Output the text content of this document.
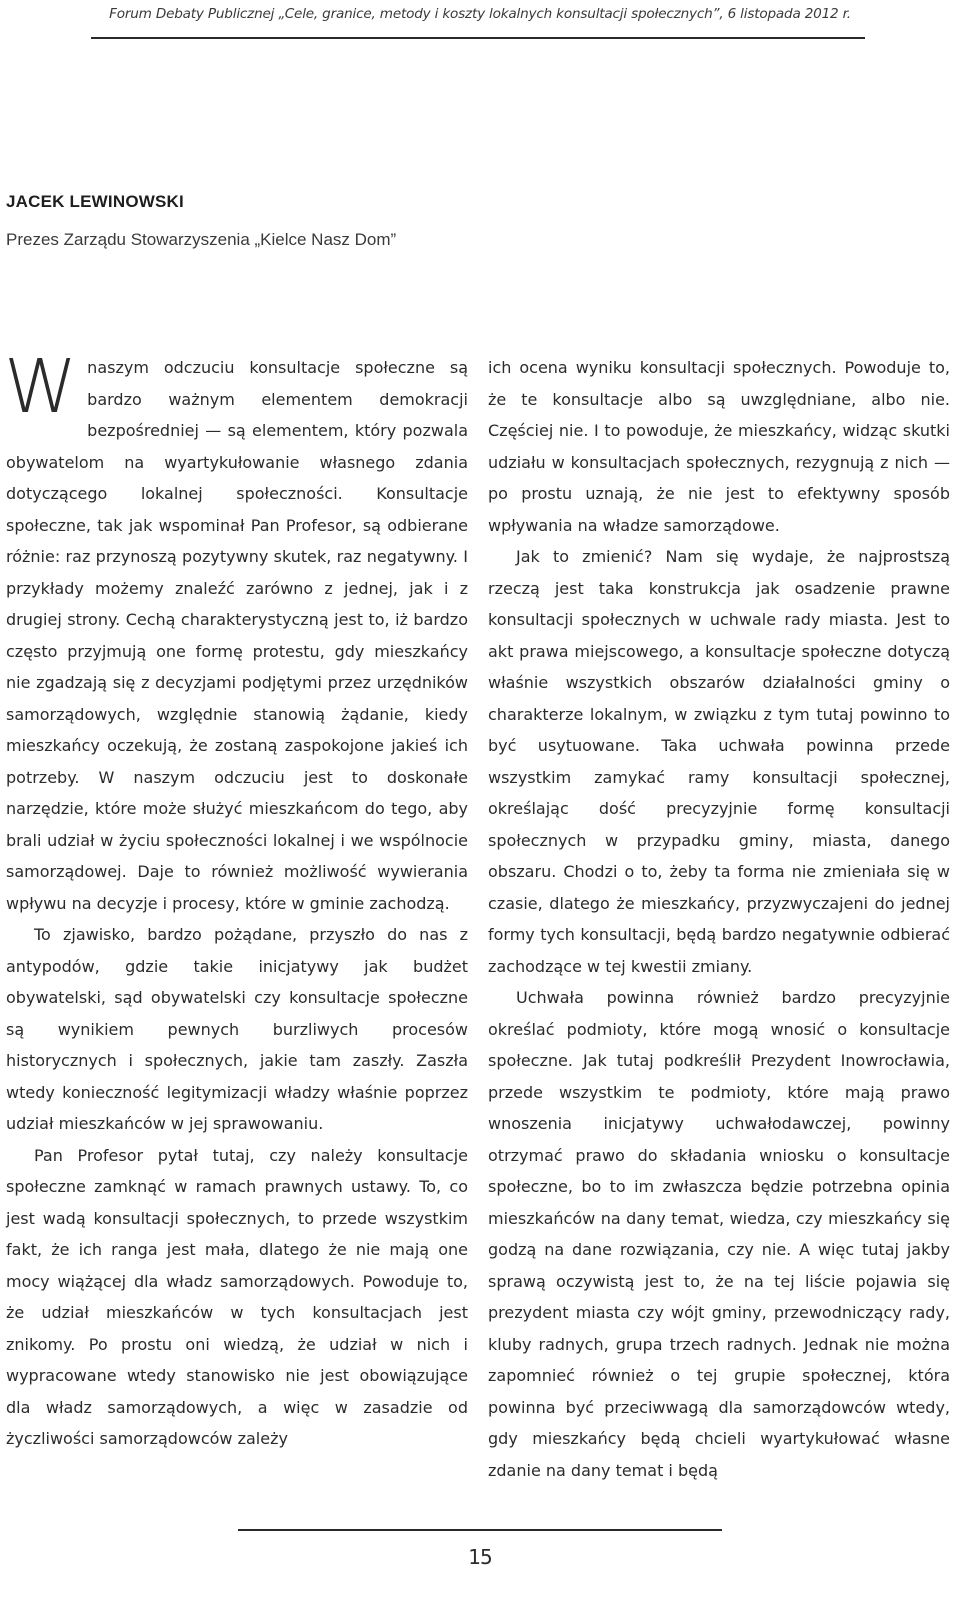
Forum Debaty Publicznej „Cele, granice, metody i koszty lokalnych konsultacji społecznych”, 6 listopada 2012 r.
JACEK LEWINOWSKI
Prezes Zarządu Stowarzyszenia „Kielce Nasz Dom”

W naszym odczuciu konsultacje społeczne są bardzo ważnym elementem demokracji bezpośredniej — są elementem, który pozwala obywatelom na wyartykułowanie własnego zdania dotyczącego lokalnej społeczności. Konsultacje społeczne, tak jak wspominał Pan Profesor, są odbierane różnie: raz przynoszą pozytywny skutek, raz negatywny. I przykłady możemy znaleźć zarówno z jednej, jak i z drugiej strony. Cechą charakterystyczną jest to, iż bardzo często przyjmują one formę protestu, gdy mieszkańcy nie zgadzają się z decyzjami podjętymi przez urzędników samorządowych, względnie stanowią żądanie, kiedy mieszkańcy oczekują, że zostaną zaspokojone jakieś ich potrzeby. W naszym odczuciu jest to doskonałe narzędzie, które może służyć mieszkańcom do tego, aby brali udział w życiu społeczności lokalnej i we wspólnocie samorządowej. Daje to również możliwość wywierania wpływu na decyzje i procesy, które w gminie zachodzą.

To zjawisko, bardzo pożądane, przyszło do nas z antypodów, gdzie takie inicjatywy jak budżet obywatelski, sąd obywatelski czy konsultacje społeczne są wynikiem pewnych burzliwych procesów historycznych i społecznych, jakie tam zaszły. Zaszła wtedy konieczność legitymizacji władzy właśnie poprzez udział mieszkańców w jej sprawowaniu.

Pan Profesor pytał tutaj, czy należy konsultacje społeczne zamknąć w ramach prawnych ustawy. To, co jest wadą konsultacji społecznych, to przede wszystkim fakt, że ich ranga jest mała, dlatego że nie mają one mocy wiążącej dla władz samorządowych. Powoduje to, że udział mieszkańców w tych konsultacjach jest znikomy. Po prostu oni wiedzą, że udział w nich i wypracowane wtedy stanowisko nie jest obowiązujące dla władz samorządowych, a więc w zasadzie od życzliwości samorządowców zależy

ich ocena wyniku konsultacji społecznych. Powoduje to, że te konsultacje albo są uwzględniane, albo nie. Częściej nie. I to powoduje, że mieszkańcy, widząc skutki udziału w konsultacjach społecznych, rezygnują z nich — po prostu uznają, że nie jest to efektywny sposób wpływania na władze samorządowe.

Jak to zmienić? Nam się wydaje, że najprostszą rzeczą jest taka konstrukcja jak osadzenie prawne konsultacji społecznych w uchwale rady miasta. Jest to akt prawa miejscowego, a konsultacje społeczne dotyczą właśnie wszystkich obszarów działalności gminy o charakterze lokalnym, w związku z tym tutaj powinno to być usytuowane. Taka uchwała powinna przede wszystkim zamykać ramy konsultacji społecznej, określając dość precyzyjnie formę konsultacji społecznych w przypadku gminy, miasta, danego obszaru. Chodzi o to, żeby ta forma nie zmieniała się w czasie, dlatego że mieszkańcy, przyzwyczajeni do jednej formy tych konsultacji, będą bardzo negatywnie odbierać zachodzące w tej kwestii zmiany.

Uchwała powinna również bardzo precyzyjnie określać podmioty, które mogą wnosić o konsultacje społeczne. Jak tutaj podkreślił Prezydent Inowrocławia, przede wszystkim te podmioty, które mają prawo wnoszenia inicjatywy uchwałodawczej, powinny otrzymać prawo do składania wniosku o konsultacje społeczne, bo to im zwłaszcza będzie potrzebna opinia mieszkańców na dany temat, wiedza, czy mieszkańcy się godzą na dane rozwiązania, czy nie. A więc tutaj jakby sprawą oczywistą jest to, że na tej liście pojawia się prezydent miasta czy wójt gminy, przewodniczący rady, kluby radnych, grupa trzech radnych. Jednak nie można zapomnieć również o tej grupie społecznej, która powinna być przeciwwagą dla samorządowców wtedy, gdy mieszkańcy będą chcieli wyartykułować własne zdanie na dany temat i będą

15
